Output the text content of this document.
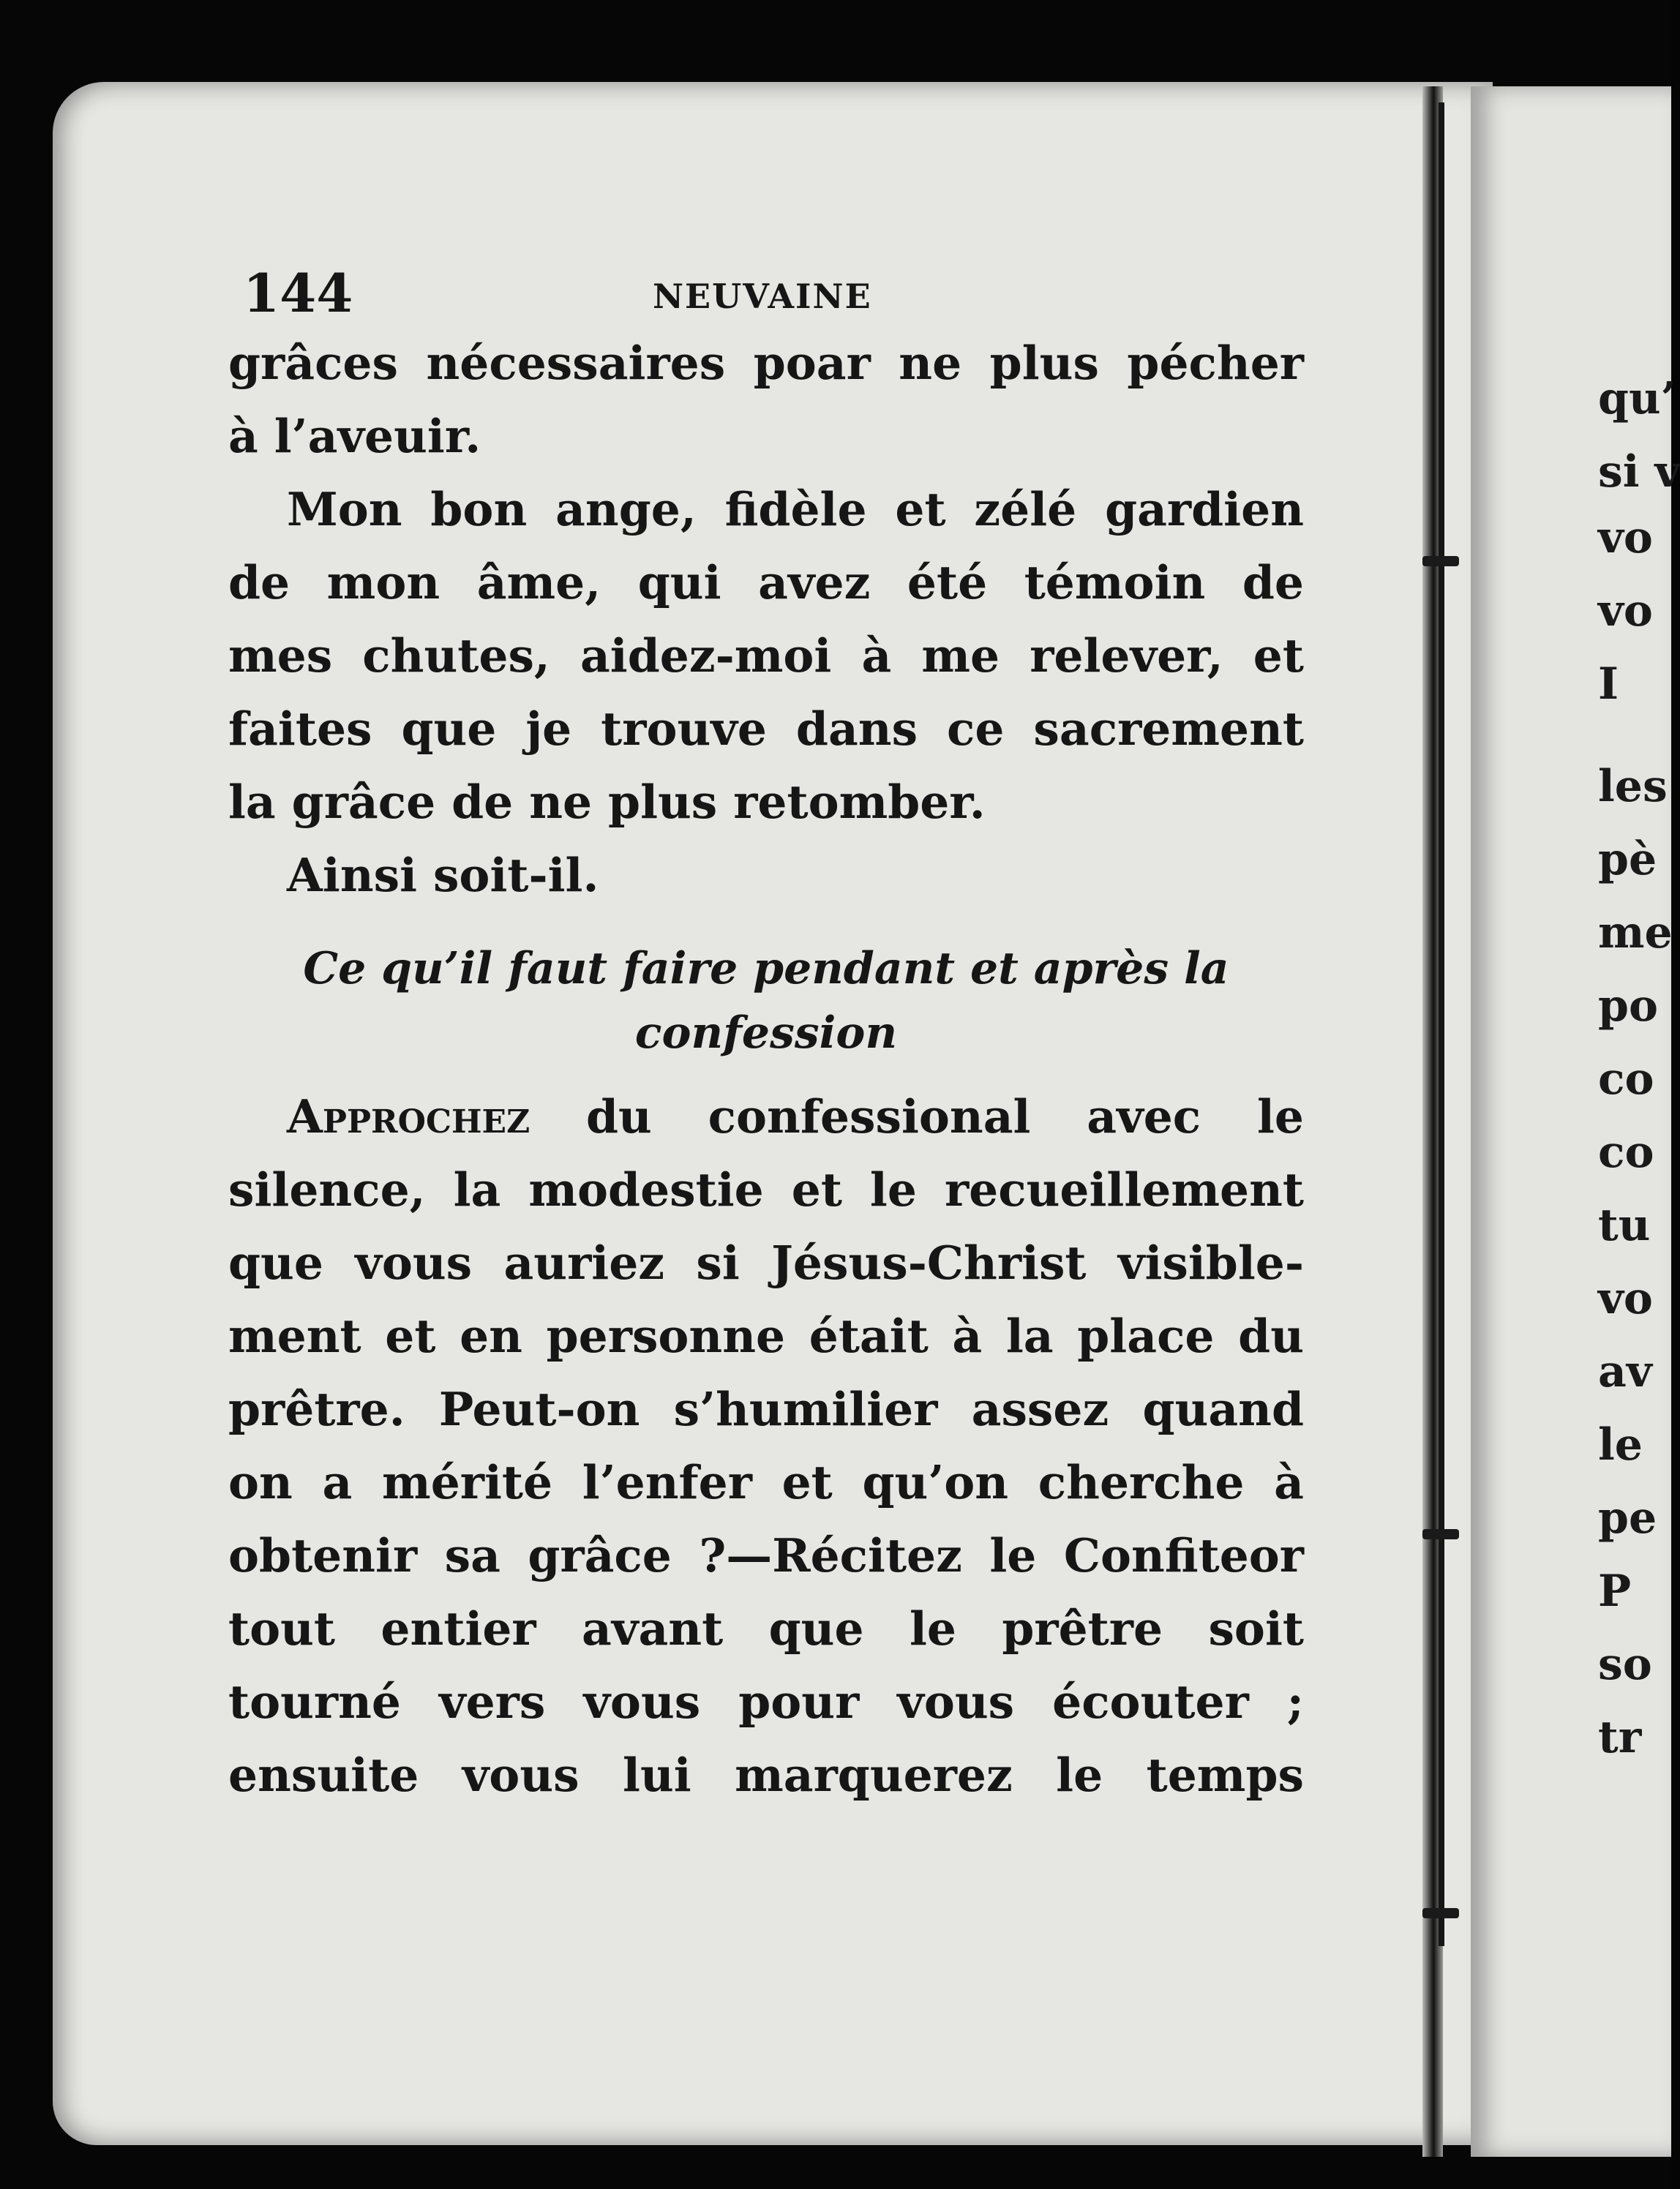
144	NEUVAINE
grâces nécessaires poar ne plus pécher
à l’aveuir.
Mon bon ange, fidèle et zélé gardien
de mon âme, qui avez été témoin de
mes chutes, aidez-moi à me relever, et
faites que je trouve dans ce sacrement
la grâce de ne plus retomber.
Ainsi soit-il.
Ce qu’il faut faire pendant et après la
confession
Approchez du confessional avec le
silence, la modestie et le recueillement
que vous auriez si Jésus-Christ visible-
ment et en personne était à la place du
prêtre. Peut-on s’humilier assez quand
on a mérité l’enfer et qu’on cherche à
obtenir sa grâce ?—Récitez le Confiteor
tout entier avant que le prêtre soit
tourné vers vous pour vous écouter ;
ensuite vous lui marquerez le temps
qu’
si v
vo
vo
I
les
pè
me
po
co
co
tu
vo
av
le
pe
P
so
tr
